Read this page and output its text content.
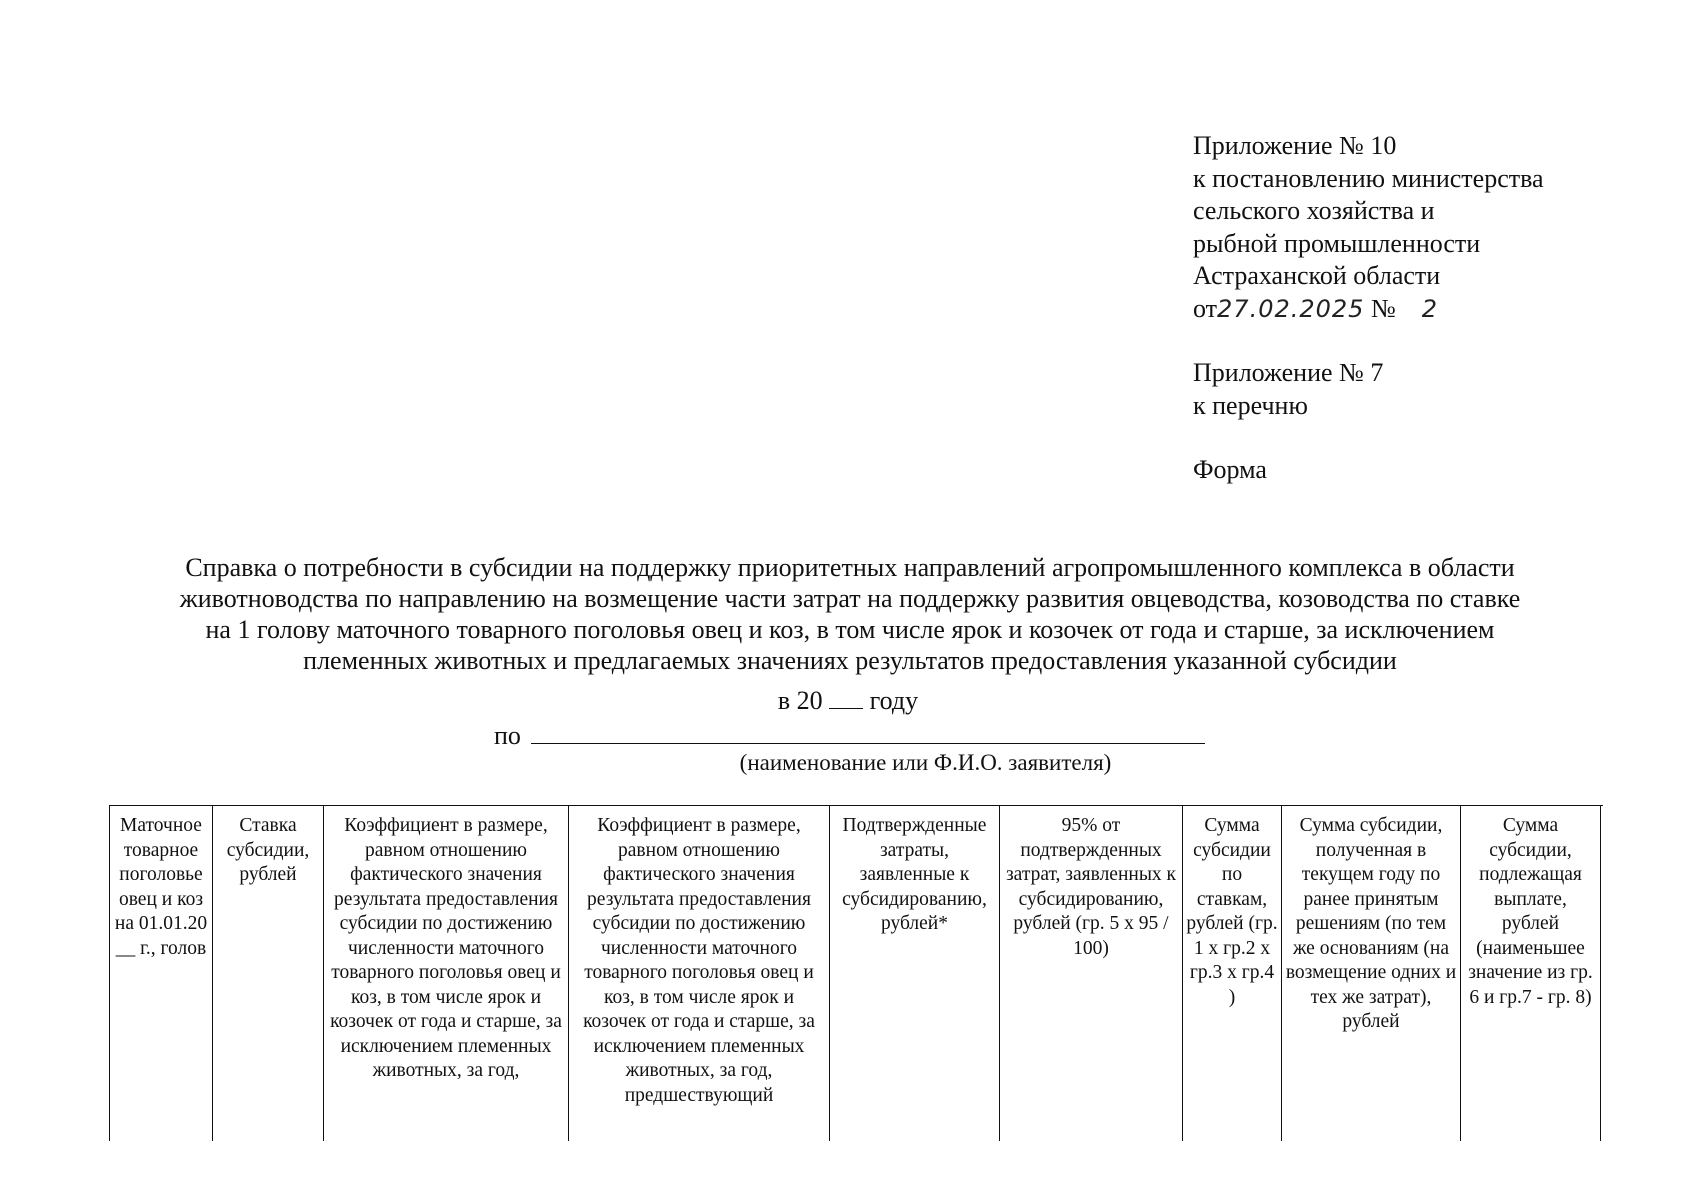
Приложение № 10
к постановлению министерства
сельского хозяйства и
рыбной промышленности
Астраханской области
от27.02.2025 № 2
Приложение № 7
к перечню
Форма
Справка о потребности в субсидии на поддержку приоритетных направлений агропромышленного комплекса в области
животноводства по направлению на возмещение части затрат на поддержку развития овцеводства, козоводства по ставке
на 1 голову маточного товарного поголовья овец и коз, в том числе ярок и козочек от года и старше, за исключением
племенных животных и предлагаемых значениях результатов предоставления указанной субсидии
в 20 году
по
(наименование или Ф.И.О. заявителя)
Маточное товарное поголовье овец и коз на 01.01.20 __ г., голов
Ставка субсидии, рублей
Коэффициент в размере, равном отношению фактического значения результата предоставления субсидии по достижению численности маточного товарного поголовья овец и коз, в том числе ярок и козочек от года и старше, за исключением племенных животных, за год,
Коэффициент в размере, равном отношению фактического значения результата предоставления субсидии по достижению численности маточного товарного поголовья овец и коз, в том числе ярок и козочек от года и старше, за исключением племенных животных, за год, предшествующий
Подтвержденные затраты, заявленные к субсидированию, рублей*
95% от подтвержденных затрат, заявленных к субсидированию, рублей (гр. 5 x 95 / 100)
Сумма субсидии по ставкам, рублей (гр. 1 x гр.2 x гр.3 x гр.4 )
Сумма субсидии, полученная в текущем году по ранее принятым решениям (по тем же основаниям (на возмещение одних и тех же затрат), рублей
Сумма субсидии, подлежащая выплате, рублей (наименьшее значение из гр. 6 и гр.7 - гр. 8)
